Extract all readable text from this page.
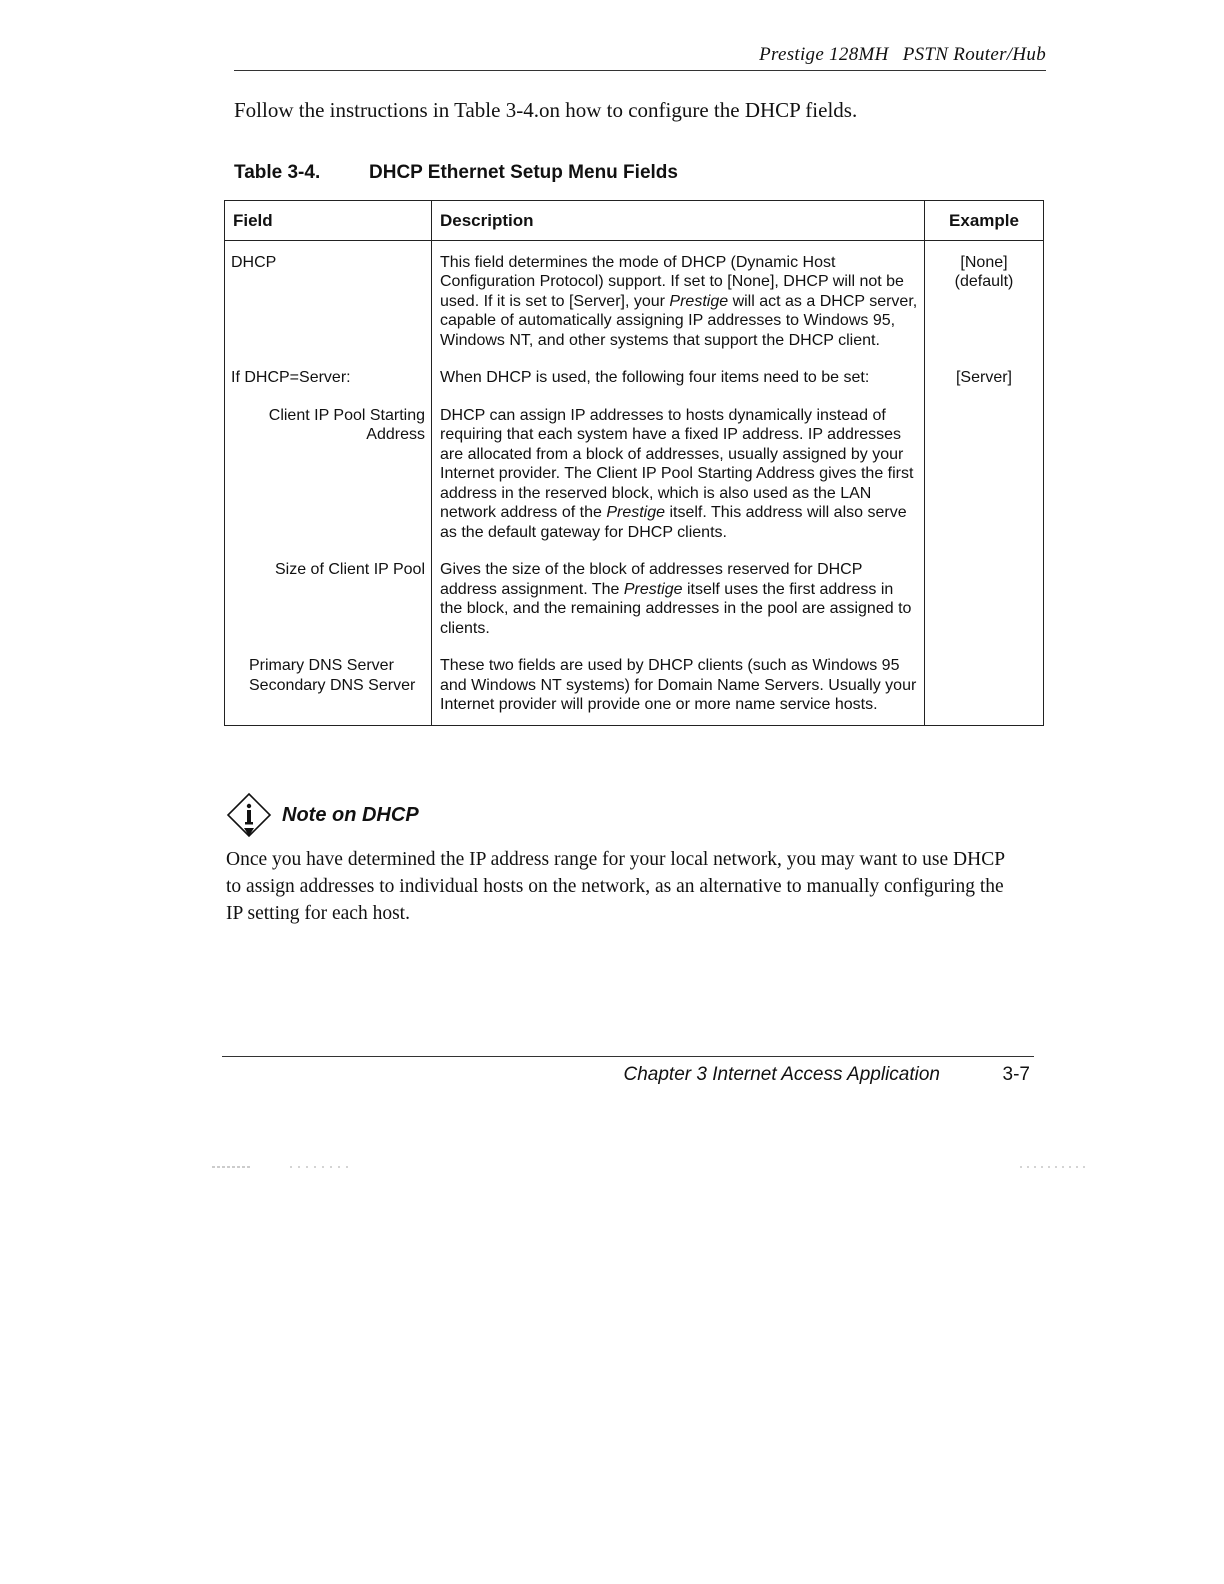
Prestige 128MH PSTN Router/Hub
Follow the instructions in Table 3-4.on how to configure the DHCP fields.
Table 3-4.	DHCP Ethernet Setup Menu Fields
Field	Description	Example
DHCP	This field determines the mode of DHCP (Dynamic Host Configuration Protocol) support. If set to [None], DHCP will not be used. If it is set to [Server], your Prestige will act as a DHCP server, capable of automatically assigning IP addresses to Windows 95, Windows NT, and other systems that support the DHCP client.	[None] (default)
If DHCP=Server:	When DHCP is used, the following four items need to be set:	[Server]
Client IP Pool Starting Address	DHCP can assign IP addresses to hosts dynamically instead of requiring that each system have a fixed IP address. IP addresses are allocated from a block of addresses, usually assigned by your Internet provider. The Client IP Pool Starting Address gives the first address in the reserved block, which is also used as the LAN network address of the Prestige itself. This address will also serve as the default gateway for DHCP clients.	
Size of Client IP Pool	Gives the size of the block of addresses reserved for DHCP address assignment. The Prestige itself uses the first address in the block, and the remaining addresses in the pool are assigned to clients.	
Primary DNS Server Secondary DNS Server	These two fields are used by DHCP clients (such as Windows 95 and Windows NT systems) for Domain Name Servers. Usually your Internet provider will provide one or more name service hosts.	
Note on DHCP
Once you have determined the IP address range for your local network, you may want to use DHCP to assign addresses to individual hosts on the network, as an alternative to manually configuring the IP setting for each host.
Chapter 3 Internet Access Application	3-7
